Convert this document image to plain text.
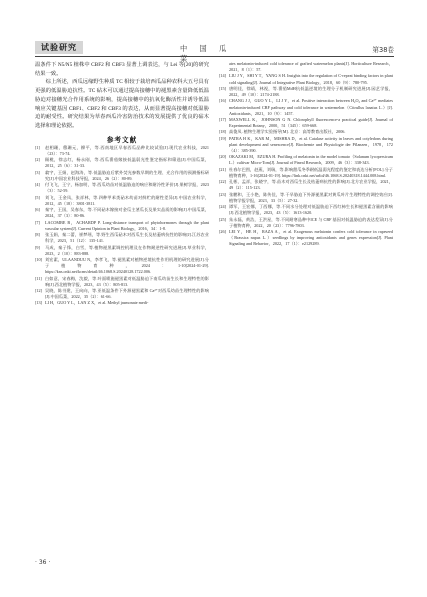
试验研究	中 国 瓜 菜
第38卷

温条件下 N5/N5 植株中 CBF2 和 CBF3 显著上调表达，与 Lei 等[20]的研究结果一致。

综上所述，西瓜远缘野生种质 TC 相较于栽培西瓜品种农科大五号具有更强的低温胁迫抗性。TC 砧木可以通过提高接穗中的褪黑素含量降低低温胁迫对接穗光合作用系统的影响，提高接穗中的抗氧化酶活性并诱导低温响应关键基因 CBF1、CBF2 和 CBF3 的表达，从而显著提高接穗对低温胁迫的耐受性。研究结果为草春西瓜冷害防治技术的发展提供了优良的砧木选择和理论依据。

参考文献
[1]	赵相珊，穆珊元，柳平，等.西南地区早春西瓜品种比较试验[J].现代农业科技，2021（23）：73-74.
[2]	顾桃，徐志红，杨永刚，等.西瓜番茄嫁接低温弱光性鉴定指标和筛选[J].中国瓜菜，2012，25（6）：31-33.
[3]	翁宇，王娟，赵海涛，等.低温胁迫后紫外荧光参数早期的生理、光合作用的预测指标研究[J].中国农业科技导报，2024，26（2）：80-89.
[4]	付飞飞，王宁，杨加明，等.西瓜幼苗对低温胁迫的响应和耐冷性评价[J].果树学报，2023（3）：52-59.
[5]	刘飞，王金凤，张祥林，等.四种甲苯类砧木幼苗对鲜贮的耐性差异[J].中国农业科学，2012，45（18）：3801-3811.
[6]	秦宇，王国，吴春东，等.不同砧木嫁接对金瓜主茎瓜长及果实品质的影响[J].中国瓜菜，2024，37（3）：80-86.
[7]	LACOMBE B，ACHARDP P. Long-distance transport of phytohormones through the plant vascular system[J]. Current Opinion in Plant Biology，2016，34：1-8.
[8]	张玉娟，秦二蕾，崔梦瑶，等.野生西瓜砧木对西瓜生长及枯萎病抗性的影响[J].江苏农业科学，2023，51（12）：135-141.
[9]	马成，秦子锋，白雪，等.植物褪黑素调控机理及在作物耐逆性研究进展[J].草业科学，2023，2（10）：883-888.
[10] 刘宏素，ULAANDUU N，李孝飞，等.褪黑素对植物逆境抗性作用机理的研究进展[J].分子植物育种，2024：1-10[2024-01-29]. https://kns.cnki.net/kcms/detail/46.1068.S.20240128.1722.006.
[11] 白如意，宋春梅，沈毅，等.叶面喷施褪黑素对低温胁迫下南瓜幼苗生长和生理特性的影响[J].西北植物学报，2023，43（5）：805-813.
[12] 吴晓，陈书建，王向向，等.亚低温条件下外源褪黑素和 Ca²⁺对西瓜幼苗生理特性的影响[J].中国瓜菜，2022，35（2）：61-66.
[13] LI H，GUO Y L，LAN Z X，et al. Methyl jasmonate medi-
ates melatonin-induced cold tolerance of grafted watermelon plants[J]. Horticulture Research，2021，8（1）：57.
[14] LIU J Y，SHI Y T，YANG S H. Insights into the regulation of C-repeat binding factors in plant cold signaling[J]. Journal of Integrative Plant Biology，2018，60（9）：780-795.
[15] 唐明佳，徐靖，林视，等.番茄MdH抗低温逆境的生理分子机制研究进展[J].园艺学报，2022，49（10）：2174-2188.
[16] CHANG J J，GUO Y L，LI J Y，et al. Positive interaction between H₂O₂ and Ca²⁺ mediates melatonin-induced CBF pathway and cold tolerance in watermelon（Citrullus lanatus L.）[J]. Antioxidants，2021，10（9）：1457.
[17] MAXWELL K，JOHNSON G N. Chlorophyll fluorescence-a practical guide[J]. Journal of Experimental Botany，2000，51（345）：659-668.
[18] 高俊凤. 植物生理学实验指导[M]. 北京：高等教育出版社，2006.
[19] PATRA H K，KAR M，MISHRA D，et al. Catalase activity in leaves and cotyledons during plant development and senescence[J]. Biochemie und Physiologie der Pflanzen，1978，172（4）：385-390.
[20] OKAZAKI M，EZURA H. Profiling of melatonin in the model tomato（Solanum lycopersicum L.）cultivar Micro-Tom[J]. Journal of Pineal Research，2009，46（3）：338-343.
[21] 杜春尔巴图，赵燕，刘瑞，等.影响甜瓜冬季耐低温弱光程度的鉴定和表达分析[FOL].分子植物育种，1-16[2024-01-19]. https://link.cnki.net/urlid/46.1068.S.20240318.1444.008.html.
[22] 孔彬，孟祥，张晓宇，等.苗木对西瓜生长及枯萎病抗性的影响[J].北方农业学报，2021，49（2）：115-123.
[23] 张鹏和，王小艳，陈传佳，等.干旱胁迫下外源褪黑素对黄瓜叶片生理特性的调控效应[J].植物学报学报，2023，33（5）：27-32.
[24] 谭军，王宏娜，丁西娜，等.不同水分处理对低温胁迫下西红柿生长和褪黑素含量的影响[J].西北植物学报，2023，43（5）：1613-1620.
[25] 朱永磊，黄浩，王洪星，等.不同耐寒品种中ICE 与 CBF 基因对低温胁迫的表达差异[J].分子植物育种，2022，20（23）：7796-7803.
[26] LEI Y，HE H，RAZA A，et al. Exogenous melatonin confers cold tolerance in rapeseed（Brassica napus L.）seedlings by improving antioxidants and genes expression[J]. Plant Signaling and Behavior，2022，17（1）：e2129289.
· 36 ·
